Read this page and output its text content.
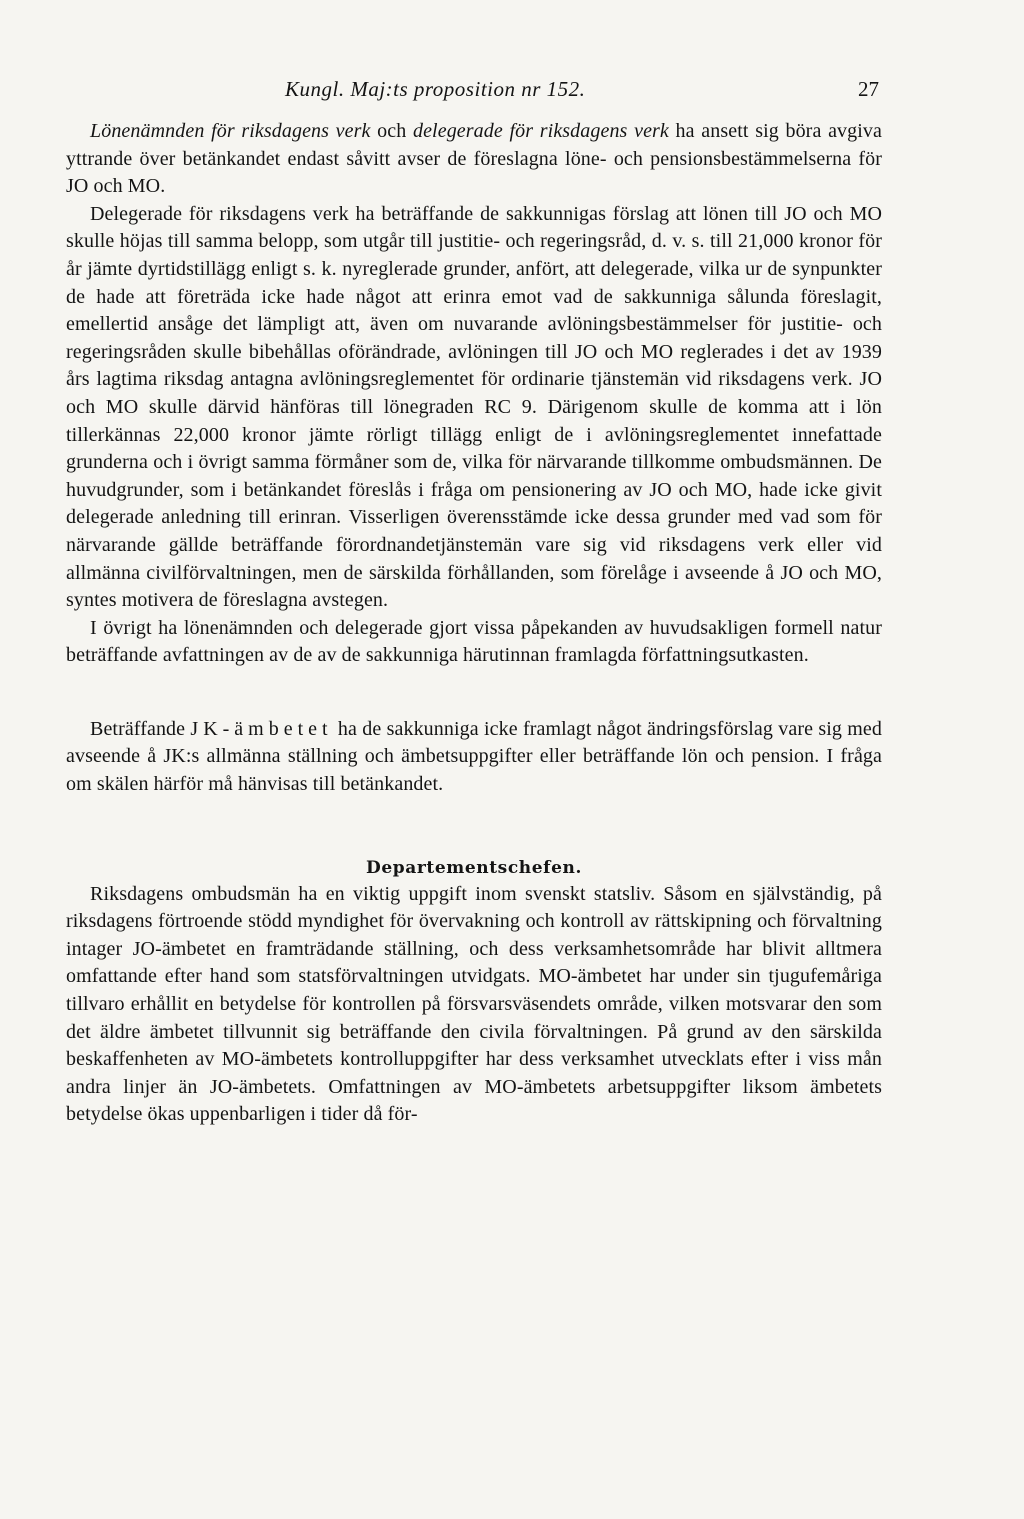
Kungl. Maj:ts proposition nr 152.	27

Lönenämnden för riksdagens verk och delegerade för riksdagens verk ha ansett sig böra avgiva yttrande över betänkandet endast såvitt avser de föreslagna löne- och pensionsbestämmelserna för JO och MO.

Delegerade för riksdagens verk ha beträffande de sakkunnigas förslag att lönen till JO och MO skulle höjas till samma belopp, som utgår till justitie- och regeringsråd, d. v. s. till 21,000 kronor för år jämte dyrtidstillägg enligt s. k. nyreglerade grunder, anfört, att delegerade, vilka ur de synpunkter de hade att företräda icke hade något att erinra emot vad de sakkunniga sålunda föreslagit, emellertid ansåge det lämpligt att, även om nuvarande avlöningsbestämmelser för justitie- och regeringsråden skulle bibehållas oförändrade, avlöningen till JO och MO reglerades i det av 1939 års lagtima riksdag antagna avlöningsreglementet för ordinarie tjänstemän vid riksdagens verk. JO och MO skulle därvid hänföras till lönegraden RC 9. Därigenom skulle de komma att i lön tillerkännas 22,000 kronor jämte rörligt tillägg enligt de i avlöningsreglementet innefattade grunderna och i övrigt samma förmåner som de, vilka för närvarande tillkomme ombudsmännen. De huvudgrunder, som i betänkandet föreslås i fråga om pensionering av JO och MO, hade icke givit delegerade anledning till erinran. Visserligen överensstämde icke dessa grunder med vad som för närvarande gällde beträffande förordnandetjänstemän vare sig vid riksdagens verk eller vid allmänna civilförvaltningen, men de särskilda förhållanden, som förelåge i avseende å JO och MO, syntes motivera de föreslagna avstegen.

I övrigt ha lönenämnden och delegerade gjort vissa påpekanden av huvudsakligen formell natur beträffande avfattningen av de av de sakkunniga härutinnan framlagda författningsutkasten.

Beträffande JK-ämbetet ha de sakkunniga icke framlagt något ändringsförslag vare sig med avseende å JK:s allmänna ställning och ämbetsuppgifter eller beträffande lön och pension. I fråga om skälen härför må hänvisas till betänkandet.

Departementschefen.

Riksdagens ombudsmän ha en viktig uppgift inom svenskt statsliv. Såsom en självständig, på riksdagens förtroende stödd myndighet för övervakning och kontroll av rättskipning och förvaltning intager JO-ämbetet en framträdande ställning, och dess verksamhetsområde har blivit alltmera omfattande efter hand som statsförvaltningen utvidgats. MO-ämbetet har under sin tjugufemåriga tillvaro erhållit en betydelse för kontrollen på försvarsväsendets område, vilken motsvarar den som det äldre ämbetet tillvunnit sig beträffande den civila förvaltningen. På grund av den särskilda beskaffenheten av MO-ämbetets kontrolluppgifter har dess verksamhet utvecklats efter i viss mån andra linjer än JO-ämbetets. Omfattningen av MO-ämbetets arbetsuppgifter liksom ämbetets betydelse ökas uppenbarligen i tider då för-
